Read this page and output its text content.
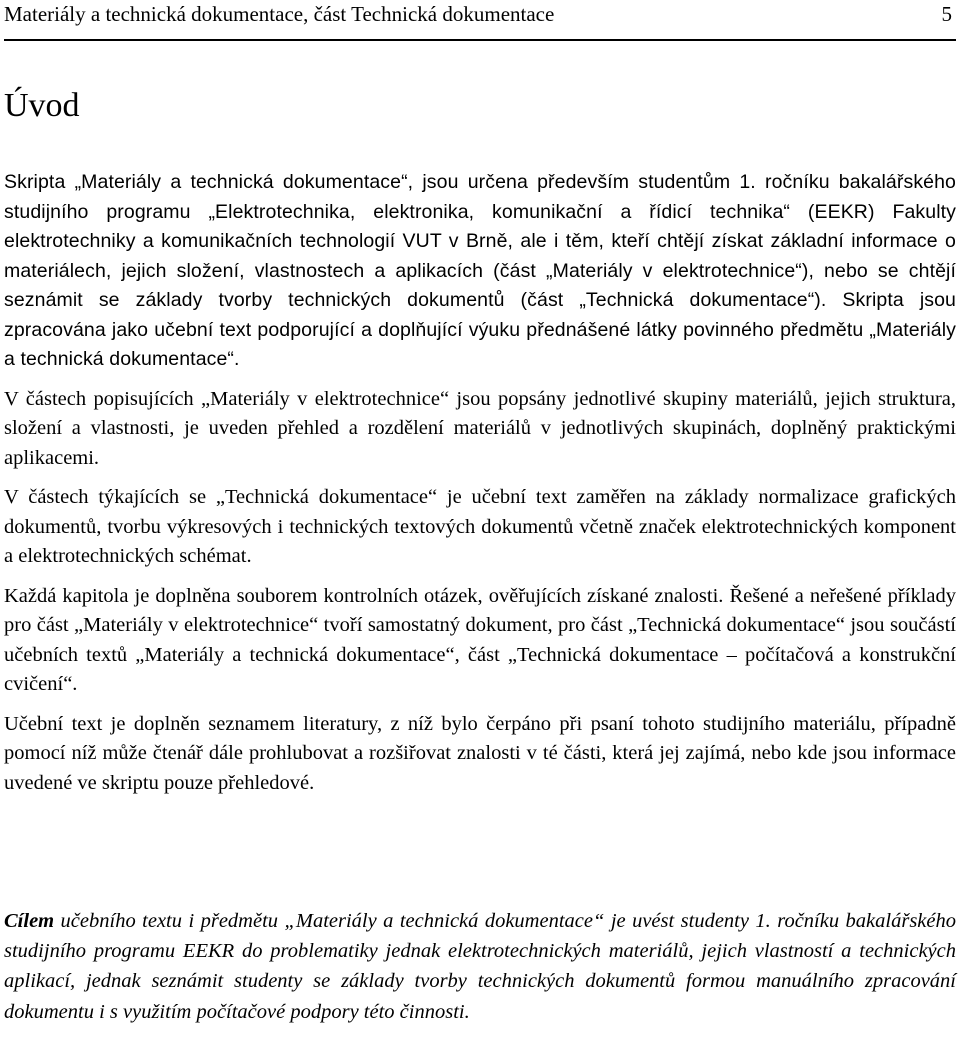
Materiály a technická dokumentace, část Technická dokumentace	5
Úvod

Skripta „Materiály a technická dokumentace“, jsou určena především studentům 1. ročníku bakalářského studijního programu „Elektrotechnika, elektronika, komunikační a řídicí technika“ (EEKR) Fakulty elektrotechniky a komunikačních technologií VUT v Brně, ale i těm, kteří chtějí získat základní informace o materiálech, jejich složení, vlastnostech a aplikacích (část „Materiály v elektrotechnice“), nebo se chtějí seznámit se základy tvorby technických dokumentů (část „Technická dokumentace“). Skripta jsou zpracována jako učební text podporující a doplňující výuku přednášené látky povinného předmětu „Materiály a technická dokumentace“.

V částech popisujících „Materiály v elektrotechnice“ jsou popsány jednotlivé skupiny materiálů, jejich struktura, složení a vlastnosti, je uveden přehled a rozdělení materiálů v jednotlivých skupinách, doplněný praktickými aplikacemi.

V částech týkajících se „Technická dokumentace“ je učební text zaměřen na základy normalizace grafických dokumentů, tvorbu výkresových i technických textových dokumentů včetně značek elektrotechnických komponent a elektrotechnických schémat.

Každá kapitola je doplněna souborem kontrolních otázek, ověřujících získané znalosti. Řešené a neřešené příklady pro část „Materiály v elektrotechnice“ tvoří samostatný dokument, pro část „Technická dokumentace“ jsou součástí učebních textů „Materiály a technická dokumentace“, část „Technická dokumentace – počítačová a konstrukční cvičení“.

Učební text je doplněn seznamem literatury, z níž bylo čerpáno při psaní tohoto studijního materiálu, případně pomocí níž může čtenář dále prohlubovat a rozšiřovat znalosti v té části, která jej zajímá, nebo kde jsou informace uvedené ve skriptu pouze přehledové.

Cílem učebního textu i předmětu „Materiály a technická dokumentace“ je uvést studenty 1. ročníku bakalářského studijního programu EEKR do problematiky jednak elektrotechnických materiálů, jejich vlastností a technických aplikací, jednak seznámit studenty se základy tvorby technických dokumentů formou manuálního zpracování dokumentu i s využitím počítačové podpory této činnosti.
